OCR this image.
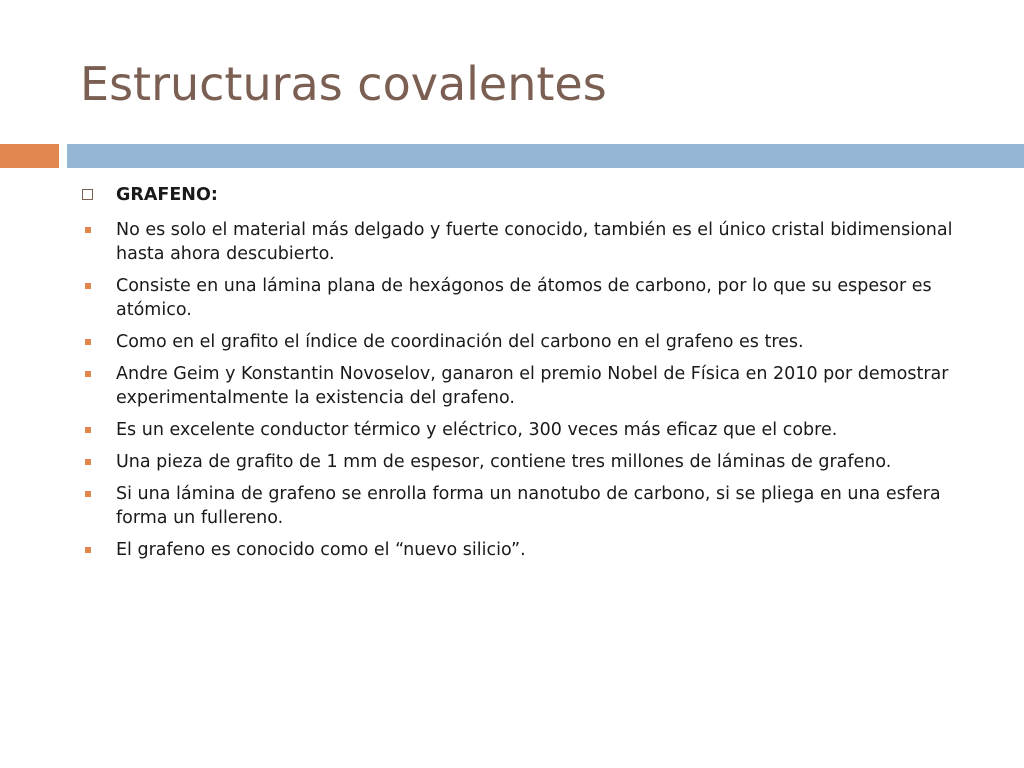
Estructuras covalentes
GRAFENO:
No es solo el material más delgado y fuerte conocido, también es el único cristal bidimensional hasta ahora descubierto.
Consiste en una lámina plana de hexágonos de átomos de carbono, por lo que su espesor es atómico.
Como en el grafito el índice de coordinación del carbono en el grafeno es tres.
Andre Geim y Konstantin Novoselov, ganaron el premio Nobel de Física en 2010 por demostrar experimentalmente la existencia del grafeno.
Es un excelente conductor térmico y eléctrico, 300 veces más eficaz que el cobre.
Una pieza de grafito de 1 mm de espesor, contiene tres millones de láminas de grafeno.
Si una lámina de grafeno se enrolla forma un nanotubo de carbono, si se pliega en una esfera forma un fullereno.
El grafeno es conocido como el “nuevo silicio”.
